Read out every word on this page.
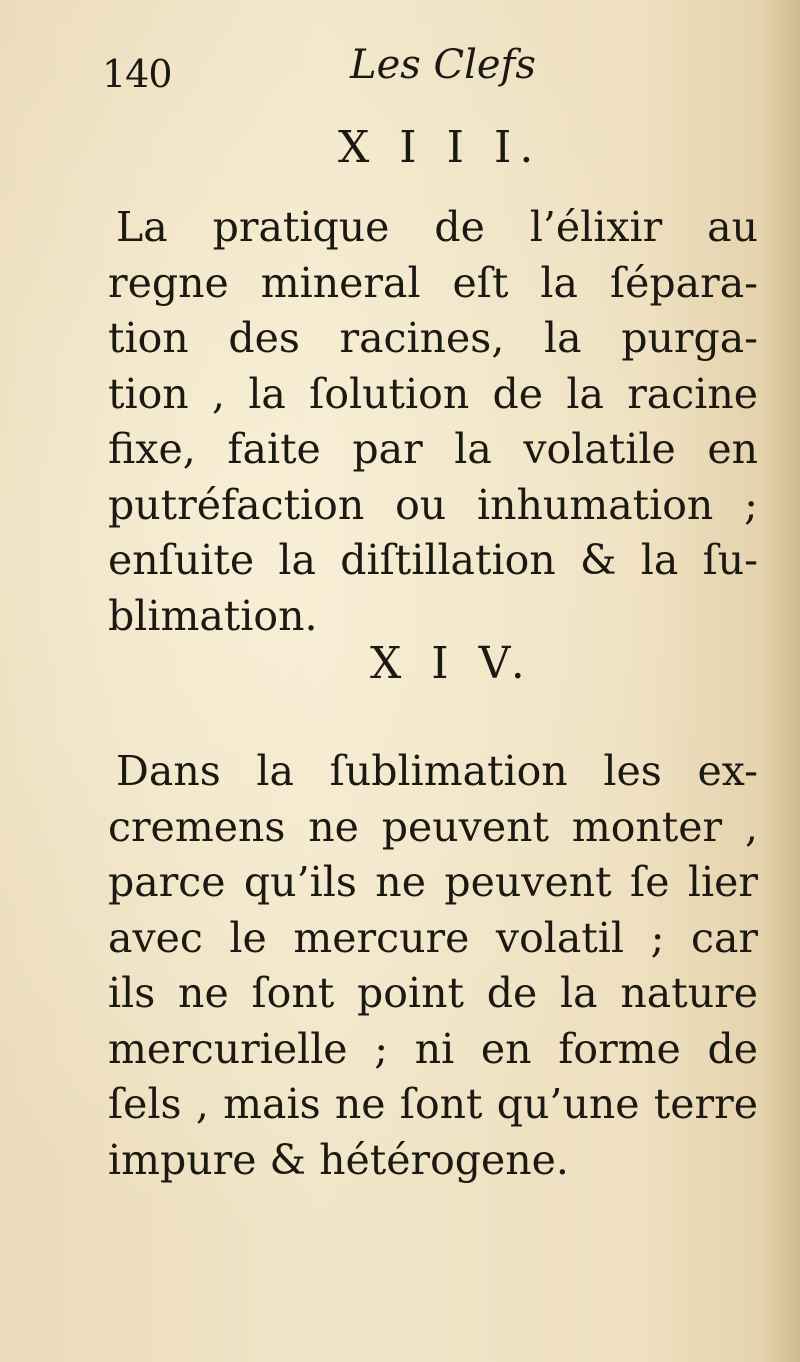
140	Les Clefs
X I I I.
La pratique de l’élixir au
regne mineral eſt la ſépara-
tion des racines, la purga-
tion , la ſolution de la racine
fixe, faite par la volatile en
putréfaction ou inhumation ;
enſuite la diſtillation & la ſu-
blimation.
X I V.
Dans la ſublimation les ex-
cremens ne peuvent monter ,
parce qu’ils ne peuvent ſe lier
avec le mercure volatil ; car
ils ne ſont point de la nature
mercurielle ; ni en forme de
ſels , mais ne ſont qu’une terre
impure & hétérogene.
